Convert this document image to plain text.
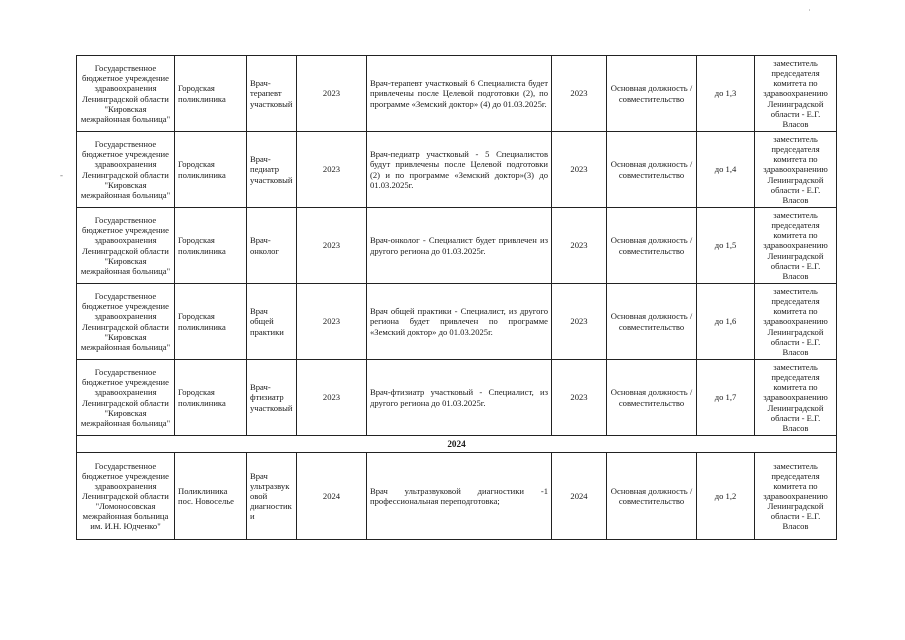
Государственное бюджетное учреждение здравоохранения Ленинградской области "Кировская межрайонная больница"	Городская поликлиника	Врач-терапевт участковый	2023	Врач-терапевт участковый 6 Специалиста будет привлечены после Целевой подготовки (2), по программе «Земский доктор» (4) до 01.03.2025г.	2023	Основная должность / совместительство	до 1,3	заместитель председателя комитета по здравоохранению Ленинградской области - Е.Г. Власов
Государственное бюджетное учреждение здравоохранения Ленинградской области "Кировская межрайонная больница"	Городская поликлиника	Врач-педиатр участковый	2023	Врач-педиатр участковый - 5 Специалистов будут привлечены после Целевой подготовки (2) и по программе «Земский доктор»(3) до 01.03.2025г.	2023	Основная должность / совместительство	до 1,4	заместитель председателя комитета по здравоохранению Ленинградской области - Е.Г. Власов
Государственное бюджетное учреждение здравоохранения Ленинградской области "Кировская межрайонная больница"	Городская поликлиника	Врач-онколог	2023	Врач-онколог - Специалист будет привлечен из другого региона до 01.03.2025г.	2023	Основная должность / совместительство	до 1,5	заместитель председателя комитета по здравоохранению Ленинградской области - Е.Г. Власов
Государственное бюджетное учреждение здравоохранения Ленинградской области "Кировская межрайонная больница"	Городская поликлиника	Врач общей практики	2023	Врач общей практики - Специалист, из другого региона будет привлечен по программе «Земский доктор» до 01.03.2025г.	2023	Основная должность / совместительство	до 1,6	заместитель председателя комитета по здравоохранению Ленинградской области - Е.Г. Власов
Государственное бюджетное учреждение здравоохранения Ленинградской области "Кировская межрайонная больница"	Городская поликлиника	Врач-фтизиатр участковый	2023	Врач-фтизиатр участковый - Специалист, из другого региона до 01.03.2025г.	2023	Основная должность / совместительство	до 1,7	заместитель председателя комитета по здравоохранению Ленинградской области - Е.Г. Власов
2024								
Государственное бюджетное учреждение здравоохранения Ленинградской области "Ломоносовская межрайонная больница им. И.Н. Юдченко"	Поликлиника пос. Новоселье	Врач ультразвуковой диагностики	2024	Врач ультразвуковой диагностики -1 профессиональная переподготовка;	2024	Основная должность / совместительство	до 1,2	заместитель председателя комитета по здравоохранению Ленинградской области - Е.Г. Власов
-
˙
